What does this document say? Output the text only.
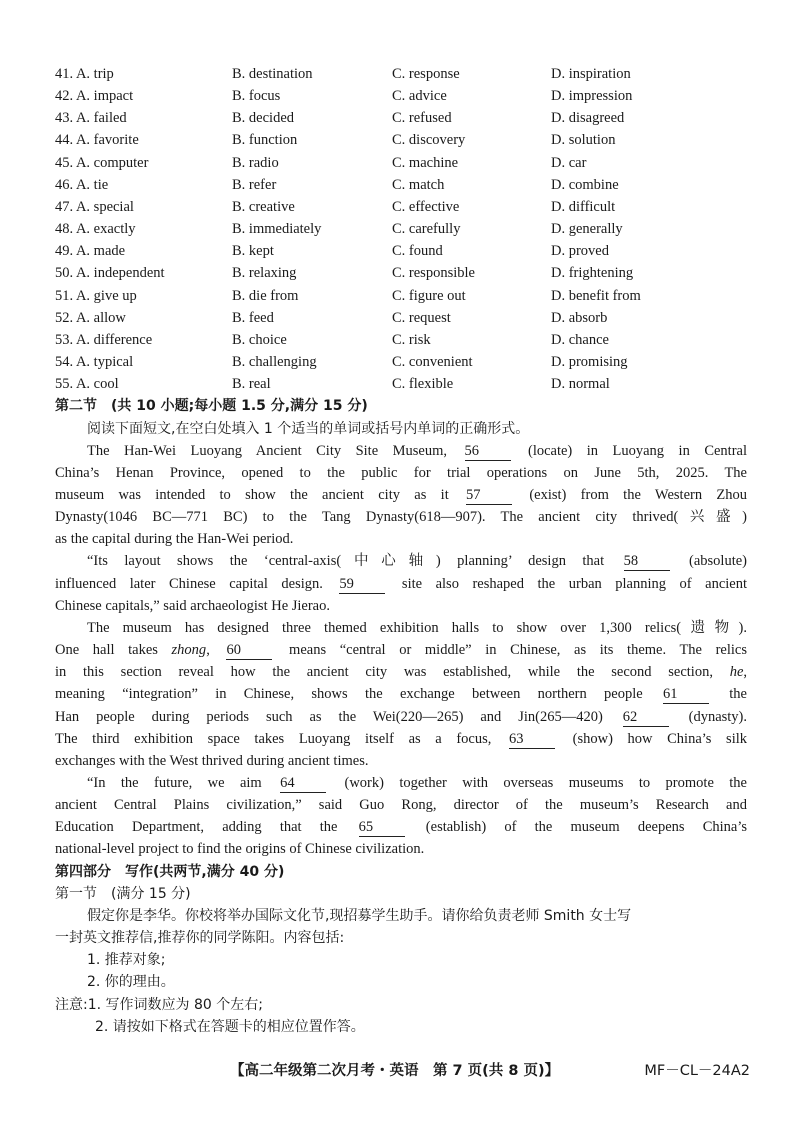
41. A. trip	B. destination	C. response	D. inspiration
42. A. impact	B. focus	C. advice	D. impression
43. A. failed	B. decided	C. refused	D. disagreed
44. A. favorite	B. function	C. discovery	D. solution
45. A. computer	B. radio	C. machine	D. car
46. A. tie	B. refer	C. match	D. combine
47. A. special	B. creative	C. effective	D. difficult
48. A. exactly	B. immediately	C. carefully	D. generally
49. A. made	B. kept	C. found	D. proved
50. A. independent	B. relaxing	C. responsible	D. frightening
51. A. give up	B. die from	C. figure out	D. benefit from
52. A. allow	B. feed	C. request	D. absorb
53. A. difference	B. choice	C. risk	D. chance
54. A. typical	B. challenging	C. convenient	D. promising
55. A. cool	B. real	C. flexible	D. normal
第二节　(共 10 小题;每小题 1.5 分,满分 15 分)
阅读下面短文,在空白处填入 1 个适当的单词或括号内单词的正确形式。
The Han-Wei Luoyang Ancient City Site Museum, 56 (locate) in Luoyang in Central
China’s Henan Province, opened to the public for trial operations on June 5th, 2025. The
museum was intended to show the ancient city as it 57 (exist) from the Western Zhou
Dynasty(1046 BC—771 BC) to the Tang Dynasty(618—907). The ancient city thrived(兴盛)
as the capital during the Han-Wei period.
“Its layout shows the ‘central-axis(中心轴) planning’ design that 58 (absolute)
influenced later Chinese capital design. 59 site also reshaped the urban planning of ancient
Chinese capitals,” said archaeologist He Jierao.
The museum has designed three themed exhibition halls to show over 1,300 relics(遗物).
One hall takes zhong, 60 means “central or middle” in Chinese, as its theme. The relics
in this section reveal how the ancient city was established, while the second section, he,
meaning “integration” in Chinese, shows the exchange between northern people 61 the
Han people during periods such as the Wei(220—265) and Jin(265—420) 62 (dynasty).
The third exhibition space takes Luoyang itself as a focus, 63 (show) how China’s silk
exchanges with the West thrived during ancient times.
“In the future, we aim 64 (work) together with overseas museums to promote the
ancient Central Plains civilization,” said Guo Rong, director of the museum’s Research and
Education Department, adding that the 65 (establish) of the museum deepens China’s
national-level project to find the origins of Chinese civilization.
第四部分　写作(共两节,满分 40 分)
第一节　(满分 15 分)
假定你是李华。你校将举办国际文化节,现招募学生助手。请你给负责老师 Smith 女士写
一封英文推荐信,推荐你的同学陈阳。内容包括:
1. 推荐对象;
2. 你的理由。
注意:1. 写作词数应为 80 个左右;
2. 请按如下格式在答题卡的相应位置作答。
【高二年级第二次月考・英语　第 7 页(共 8 页)】	MF－CL－24A2
